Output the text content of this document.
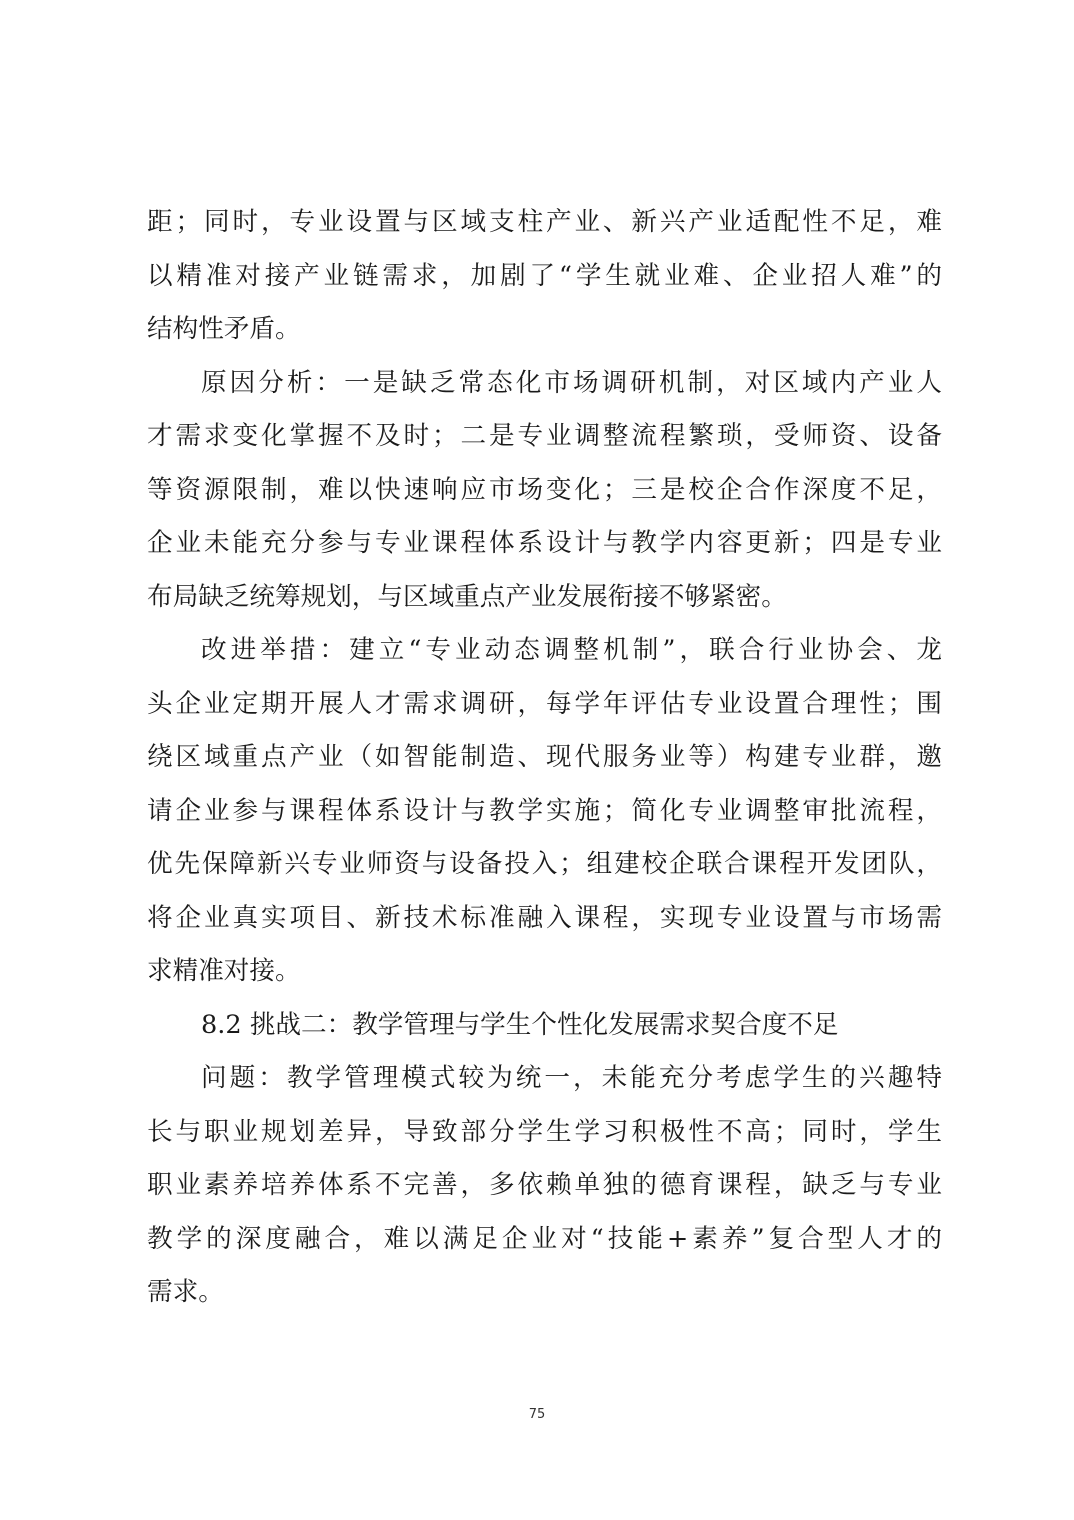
距；同时，专业设置与区域支柱产业、新兴产业适配性不足，难
以精准对接产业链需求，加剧了“学生就业难、企业招人难”的
结构性矛盾。
原因分析：一是缺乏常态化市场调研机制，对区域内产业人
才需求变化掌握不及时；二是专业调整流程繁琐，受师资、设备
等资源限制，难以快速响应市场变化；三是校企合作深度不足，
企业未能充分参与专业课程体系设计与教学内容更新；四是专业
布局缺乏统筹规划，与区域重点产业发展衔接不够紧密。
改进举措：建立“专业动态调整机制”，联合行业协会、龙
头企业定期开展人才需求调研，每学年评估专业设置合理性；围
绕区域重点产业（如智能制造、现代服务业等）构建专业群，邀
请企业参与课程体系设计与教学实施；简化专业调整审批流程，
优先保障新兴专业师资与设备投入；组建校企联合课程开发团队，
将企业真实项目、新技术标准融入课程，实现专业设置与市场需
求精准对接。
8.2 挑战二：教学管理与学生个性化发展需求契合度不足
问题：教学管理模式较为统一，未能充分考虑学生的兴趣特
长与职业规划差异，导致部分学生学习积极性不高；同时，学生
职业素养培养体系不完善，多依赖单独的德育课程，缺乏与专业
教学的深度融合，难以满足企业对“技能+素养”复合型人才的
需求。
75
